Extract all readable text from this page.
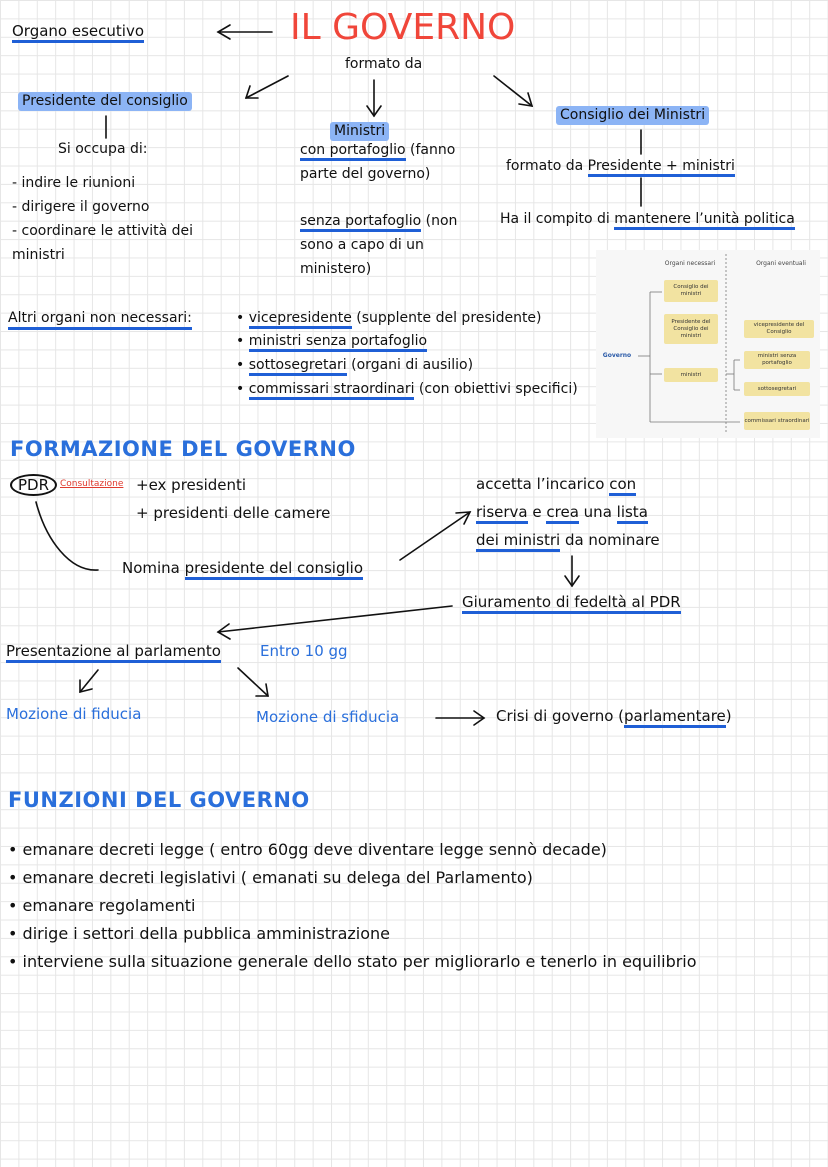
Organo esecutivo	IL GOVERNO
formato da
Presidente del consiglio
Si occupa di:
- indire le riunioni
- dirigere il governo
- coordinare le attività dei
ministri
Ministri
con portafoglio (fanno
parte del governo)
senza portafoglio (non
sono a capo di un
ministero)
Consiglio dei Ministri
formato da Presidente + ministri
Ha il compito di mantenere l’unità politica
Altri organi non necessari:	• vicepresidente (supplente del presidente)
• ministri senza portafoglio
• sottosegretari (organi di ausilio)
• commissari straordinari (con obiettivi specifici)
Organi necessari	Organi eventuali
Governo
Consiglio dei ministri
Presidente del Consiglio dei ministri
ministri
vicepresidente del Consiglio
ministri senza portafoglio
sottosegretari
commissari straordinari
FORMAZIONE DEL GOVERNO
PDR	Consultazione +ex presidenti
+ presidenti delle camere
Nomina presidente del consiglio
accetta l’incarico con
riserva e crea una lista
dei ministri da nominare
Giuramento di fedeltà al PDR
Presentazione al parlamento	Entro 10 gg
Mozione di fiducia	Mozione di sfiducia	Crisi di governo (parlamentare)
FUNZIONI DEL GOVERNO
• emanare decreti legge ( entro 60gg deve diventare legge sennò decade)
• emanare decreti legislativi ( emanati su delega del Parlamento)
• emanare regolamenti
• dirige i settori della pubblica amministrazione
• interviene sulla situazione generale dello stato per migliorarlo e tenerlo in equilibrio
